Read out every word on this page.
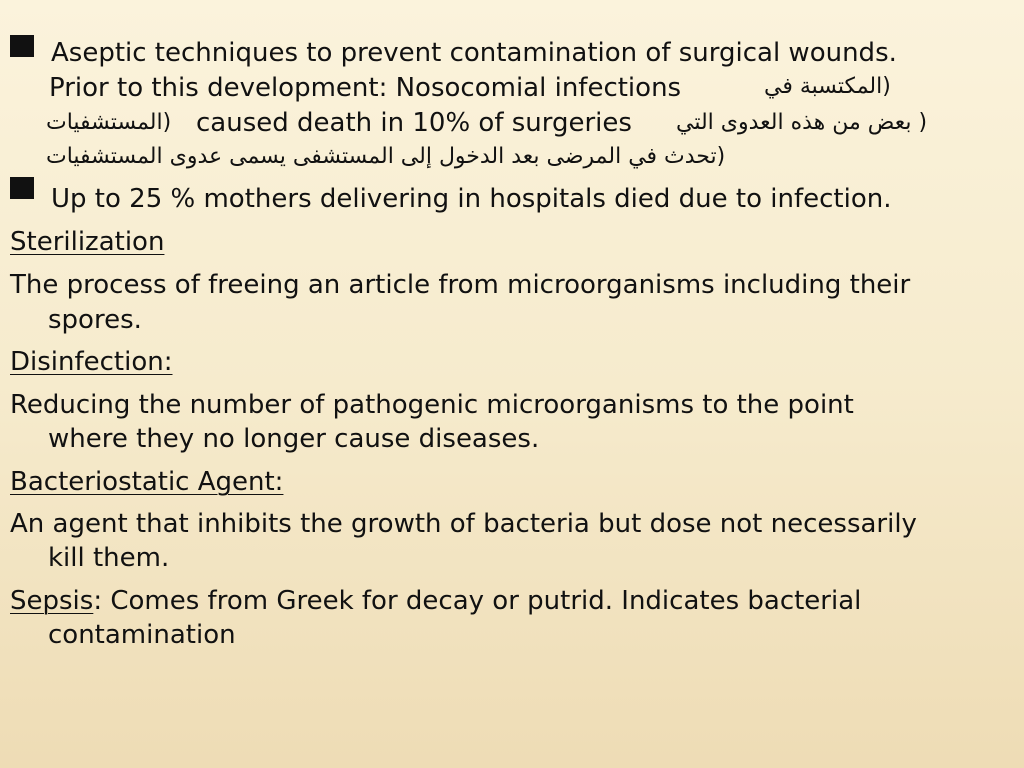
Aseptic techniques to prevent contamination of surgical wounds.
Prior to this development: Nosocomial infections	(المكتسبة في
(المستشفيات caused death in 10% of surgeries ( بعض من هذه العدوى التي
(تحدث في المرضى بعد الدخول إلى المستشفى يسمى عدوى المستشفيات
Up to 25 % mothers delivering in hospitals died due to infection.
Sterilization
The process of freeing an article from microorganisms including their
spores.
Disinfection:
Reducing the number of pathogenic microorganisms to the point
where they no longer cause diseases.
Bacteriostatic Agent:
An agent that inhibits the growth of bacteria but dose not necessarily
kill them.
Sepsis: Comes from Greek for decay or putrid. Indicates bacterial
contamination
